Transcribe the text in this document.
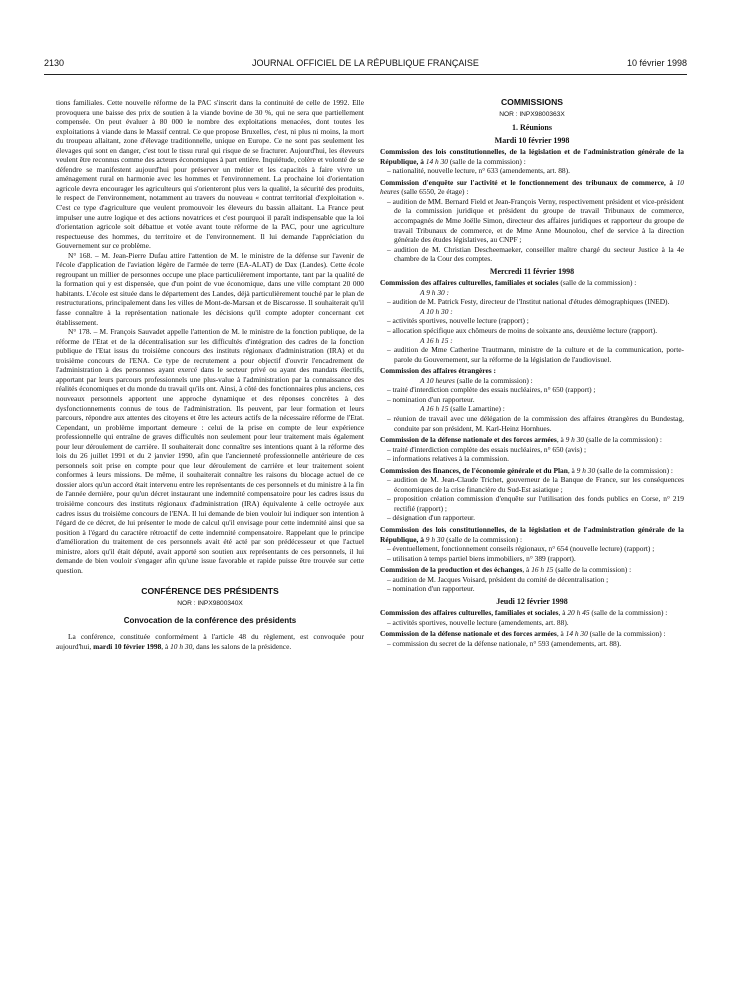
2130	JOURNAL OFFICIEL DE LA RÉPUBLIQUE FRANÇAISE	10 février 1998

tions familiales. Cette nouvelle réforme de la PAC s'inscrit dans la continuité de celle de 1992. Elle provoquera une baisse des prix de soutien à la viande bovine de 30 %, qui ne sera que partiellement compensée. On peut évaluer à 80 000 le nombre des exploitations menacées, dont toutes les exploitations à viande dans le Massif central. Ce que propose Bruxelles, c'est, ni plus ni moins, la mort du troupeau allaitant, zone d'élevage traditionnelle, unique en Europe. Ce ne sont pas seulement les élevages qui sont en danger, c'est tout le tissu rural qui risque de se fracturer. Aujourd'hui, les éleveurs veulent être reconnus comme des acteurs économiques à part entière. Inquiétude, colère et volonté de se défendre se manifestent aujourd'hui pour préserver un métier et les capacités à faire vivre un aménagement rural en harmonie avec les hommes et l'environnement. La prochaine loi d'orientation agricole devra encourager les agriculteurs qui s'orienteront plus vers la qualité, la sécurité des produits, le respect de l'environnement, notamment au travers du nouveau « contrat territorial d'exploitation ». C'est ce type d'agriculture que veulent promouvoir les éleveurs du bassin allaitant. La France peut impulser une autre logique et des actions novatrices et c'est pourquoi il paraît indispensable que la loi d'orientation agricole soit débattue et votée avant toute réforme de la PAC, pour une agriculture respectueuse des hommes, du territoire et de l'environnement. Il lui demande l'appréciation du Gouvernement sur ce problème.

N° 168. – M. Jean-Pierre Dufau attire l'attention de M. le ministre de la défense sur l'avenir de l'école d'application de l'aviation légère de l'armée de terre (EA-ALAT) de Dax (Landes). Cette école regroupant un millier de personnes occupe une place particulièrement importante, tant par la qualité de la formation qui y est dispensée, que d'un point de vue économique, dans une ville comptant 20 000 habitants. L'école est située dans le département des Landes, déjà particulièrement touché par le plan de restructurations, principalement dans les villes de Mont-de-Marsan et de Biscarosse. Il souhaiterait qu'il fasse connaître à la représentation nationale les décisions qu'il compte adopter concernant cet établissement.

N° 178. – M. François Sauvadet appelle l'attention de M. le ministre de la fonction publique, de la réforme de l'Etat et de la décentralisation sur les difficultés d'intégration des cadres de la fonction publique de l'Etat issus du troisième concours des instituts régionaux d'administration (IRA) et du troisième concours de l'ENA. Ce type de recrutement a pour objectif d'ouvrir l'encadrement de l'administration à des personnes ayant exercé dans le secteur privé ou ayant des mandats électifs, apportant par leurs parcours professionnels une plus-value à l'administration par la connaissance des réalités économiques et du monde du travail qu'ils ont. Ainsi, à côté des fonctionnaires plus anciens, ces nouveaux personnels apportent une approche dynamique et des réponses concrètes à des dysfonctionnements connus de tous de l'administration. Ils peuvent, par leur formation et leurs parcours, répondre aux attentes des citoyens et être les acteurs actifs de la nécessaire réforme de l'Etat. Cependant, un problème important demeure : celui de la prise en compte de leur expérience professionnelle qui entraîne de graves difficultés non seulement pour leur traitement mais également pour leur déroulement de carrière. Il souhaiterait donc connaître ses intentions quant à la réforme des lois du 26 juillet 1991 et du 2 janvier 1990, afin que l'ancienneté professionnelle antérieure de ces personnels soit prise en compte pour que leur déroulement de carrière et leur traitement soient conformes à leurs missions. De même, il souhaiterait connaître les raisons du blocage actuel de ce dossier alors qu'un accord était intervenu entre les représentants de ces personnels et du ministre à la fin de l'année dernière, pour qu'un décret instaurant une indemnité compensatoire pour les cadres issus du troisième concours des instituts régionaux d'administration (IRA) équivalente à celle octroyée aux cadres issus du troisième concours de l'ENA. Il lui demande de bien vouloir lui indiquer son intention à l'égard de ce décret, de lui présenter le mode de calcul qu'il envisage pour cette indemnité ainsi que sa position à l'égard du caractère rétroactif de cette indemnité compensatoire. Rappelant que le principe d'amélioration du traitement de ces personnels avait été acté par son prédécesseur et que l'actuel ministre, alors qu'il était député, avait apporté son soutien aux représentants de ces personnels, il lui demande de bien vouloir s'engager afin qu'une issue favorable et rapide puisse être trouvée sur cette question.

CONFÉRENCE DES PRÉSIDENTS
NOR : INPX9800340X
Convocation de la conférence des présidents

La conférence, constituée conformément à l'article 48 du règlement, est convoquée pour aujourd'hui, mardi 10 février 1998, à 10 h 30, dans les salons de la présidence.

COMMISSIONS
NOR : INPX9800363X
1. Réunions
Mardi 10 février 1998

Commission des lois constitutionnelles, de la législation et de l'administration générale de la République, à 14 h 30 (salle de la commission) :

– nationalité, nouvelle lecture, n° 633 (amendements, art. 88).

Commission d'enquête sur l'activité et le fonctionnement des tribunaux de commerce, à 10 heures (salle 6550, 2e étage) :

– audition de MM. Bernard Field et Jean-François Verny, respectivement président et vice-président de la commission juridique et président du groupe de travail Tribunaux de commerce, accompagnés de Mme Joëlle Simon, directeur des affaires juridiques et rapporteur du groupe de travail Tribunaux de commerce, et de Mme Anne Mounolou, chef de service à la direction générale des études législatives, au CNPF ;

– audition de M. Christian Descheemaeker, conseiller maître chargé du secteur Justice à la 4e chambre de la Cour des comptes.

Mercredi 11 février 1998

Commission des affaires culturelles, familiales et sociales (salle de la commission) :

A 9 h 30 :

– audition de M. Patrick Festy, directeur de l'Institut national d'études démographiques (INED).

A 10 h 30 :

– activités sportives, nouvelle lecture (rapport) ;

– allocation spécifique aux chômeurs de moins de soixante ans, deuxième lecture (rapport).

A 16 h 15 :

– audition de Mme Catherine Trautmann, ministre de la culture et de la communication, porte-parole du Gouvernement, sur la réforme de la législation de l'audiovisuel.

Commission des affaires étrangères :

A 10 heures (salle de la commission) :

– traité d'interdiction complète des essais nucléaires, n° 650 (rapport) ;

– nomination d'un rapporteur.

A 16 h 15 (salle Lamartine) :

– réunion de travail avec une délégation de la commission des affaires étrangères du Bundestag, conduite par son président, M. Karl-Heinz Hornhues.

Commission de la défense nationale et des forces armées, à 9 h 30 (salle de la commission) :

– traité d'interdiction complète des essais nucléaires, n° 650 (avis) ;

– informations relatives à la commission.

Commission des finances, de l'économie générale et du Plan, à 9 h 30 (salle de la commission) :

– audition de M. Jean-Claude Trichet, gouverneur de la Banque de France, sur les conséquences économiques de la crise financière du Sud-Est asiatique ;

– proposition création commission d'enquête sur l'utilisation des fonds publics en Corse, n° 219 rectifié (rapport) ;

– désignation d'un rapporteur.

Commission des lois constitutionnelles, de la législation et de l'administration générale de la République, à 9 h 30 (salle de la commission) :

– éventuellement, fonctionnement conseils régionaux, n° 654 (nouvelle lecture) (rapport) ;

– utilisation à temps partiel biens immobiliers, n° 389 (rapport).

Commission de la production et des échanges, à 16 h 15 (salle de la commission) :

– audition de M. Jacques Voisard, président du comité de décentralisation ;

– nomination d'un rapporteur.

Jeudi 12 février 1998

Commission des affaires culturelles, familiales et sociales, à 20 h 45 (salle de la commission) :

– activités sportives, nouvelle lecture (amendements, art. 88).

Commission de la défense nationale et des forces armées, à 14 h 30 (salle de la commission) :

– commission du secret de la défense nationale, n° 593 (amendements, art. 88).
